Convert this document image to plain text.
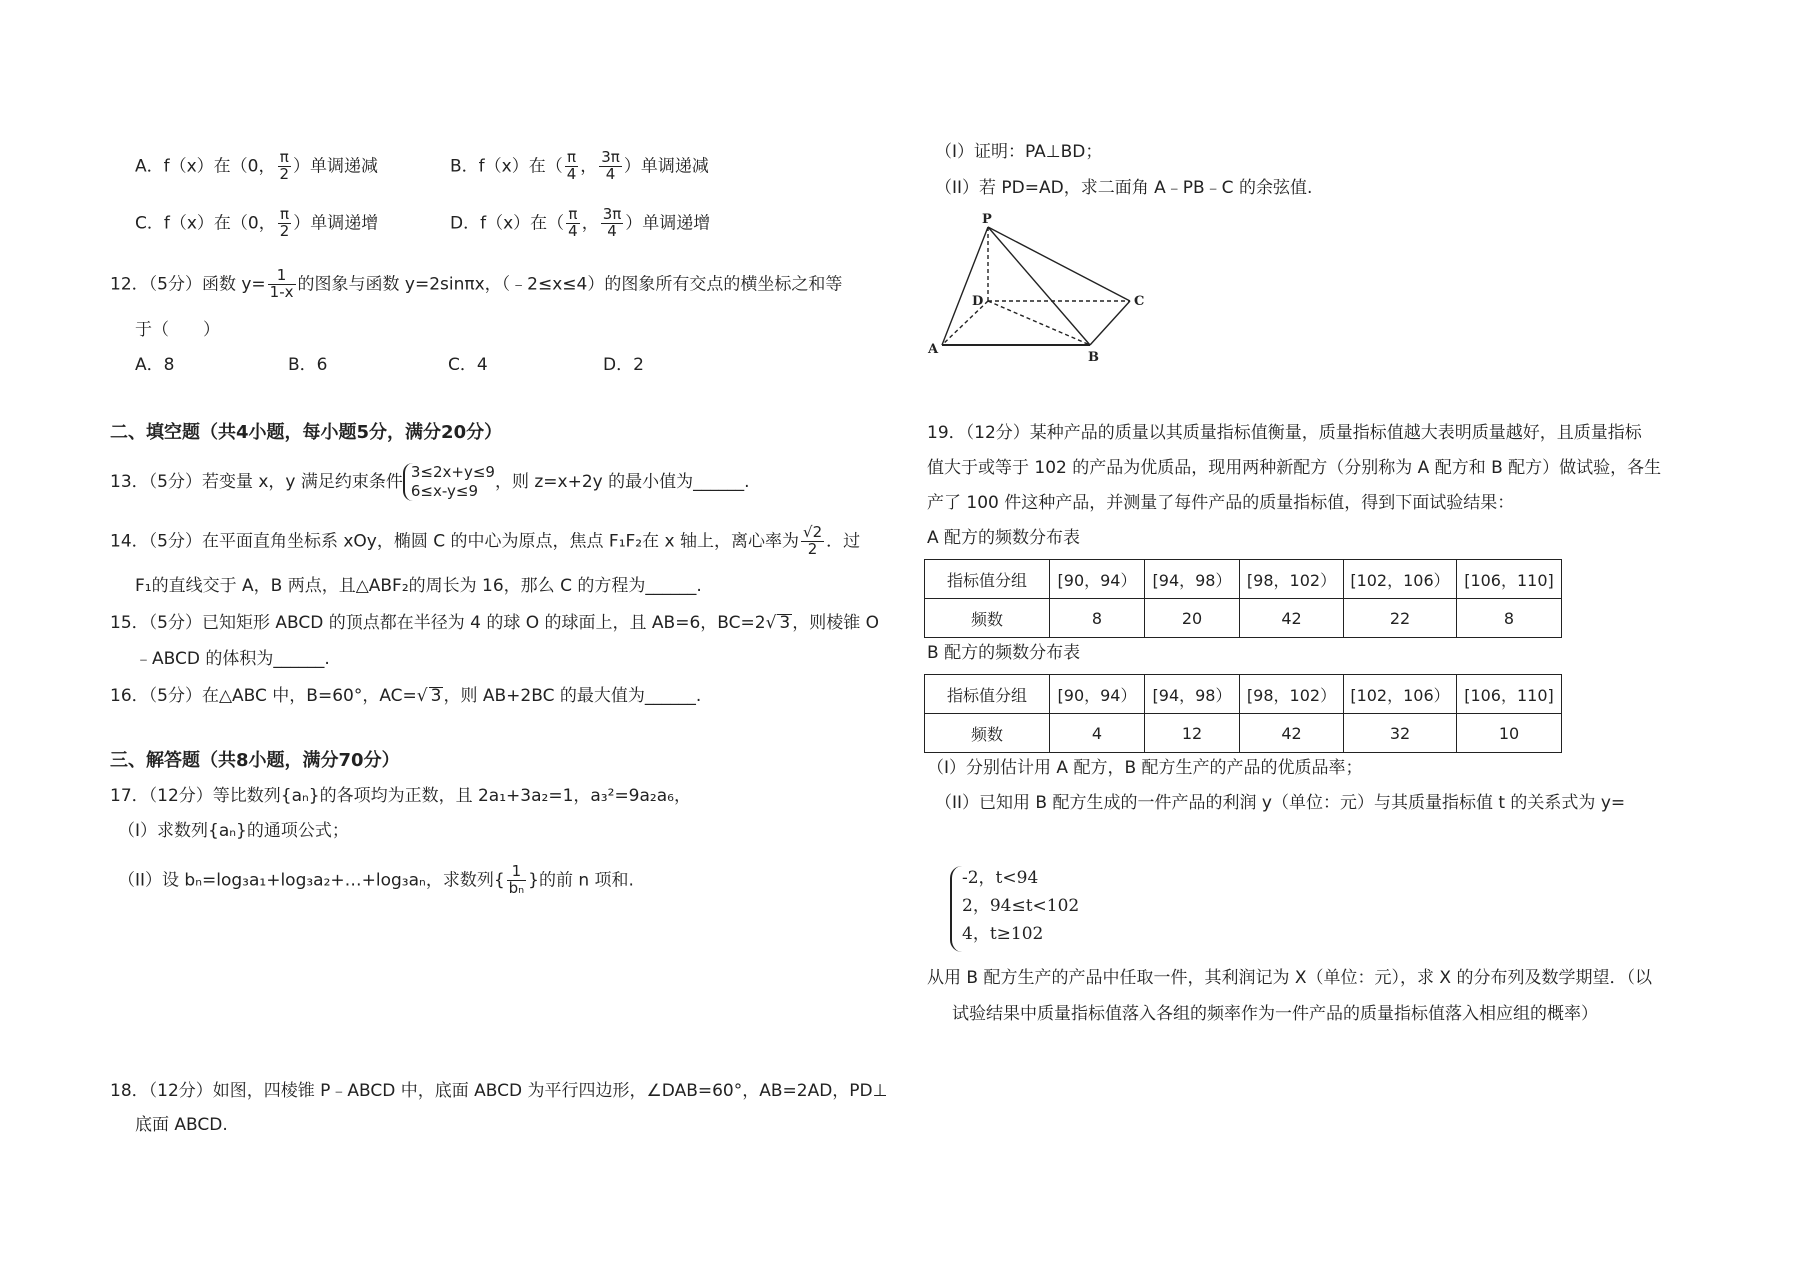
A．f（x）在（0， $\frac{\pi}{2}$ ）单调递减	B．f（x）在（ $\frac{\pi}{4}$ ， $\frac{3\pi}{4}$ ）单调递减
C．f（x）在（0， $\frac{\pi}{2}$ ）单调递增	D．f（x）在（ $\frac{\pi}{4}$ ， $\frac{3\pi}{4}$ ）单调递增
12．（5分）函数 $y= \frac{1}{1-x}$ 的图象与函数 y=2sinπx，（﹣2≤x≤4）的图象所有交点的横坐标之和等
于（　　）
A．8	B．6	C．4	D．2
二、填空题（共4小题，每小题5分，满分20分）
13．（5分）若变量 x，y 满足约束条件 3≤2x+y≤9
6≤x-y≤9 ，则 z=x+2y 的最小值为______.
14．（5分）在平面直角坐标系 xOy，椭圆 C 的中心为原点，焦点 F₁F₂在 x 轴上，离心率为 $\frac{√2}{2}$ ．过
F₁的直线交于 A，B 两点，且△ABF₂的周长为 16，那么 C 的方程为______.
15．（5分）已知矩形 ABCD 的顶点都在半径为 4 的球 O 的球面上，且 AB=6，BC=2√ 3 ，则棱锥 O
﹣ABCD 的体积为______.
16．（5分）在△ABC 中，B=60°，AC=√ 3 ，则 AB+2BC 的最大值为______.
三、解答题（共8小题，满分70分）
17．（12分）等比数列{aₙ}的各项均为正数，且 2a₁+3a₂=1，a₃²=9a₂a₆，
（I）求数列{aₙ}的通项公式；
（II）设 bₙ=log₃a₁+log₃a₂+…+log₃aₙ，求数列{ $\frac{1}{\text{bₙ}}$ }的前 n 项和.
18．（12分）如图，四棱锥 P﹣ABCD 中，底面 ABCD 为平行四边形，∠DAB=60°，AB=2AD，PD⊥
底面 ABCD.
（I）证明：PA⊥BD；
（II）若 PD=AD，求二面角 A﹣PB﹣C 的余弦值.
P
D	C
A
B
19．（12分）某种产品的质量以其质量指标值衡量，质量指标值越大表明质量越好，且质量指标
值大于或等于 102 的产品为优质品，现用两种新配方（分别称为 A 配方和 B 配方）做试验，各生
产了 100 件这种产品，并测量了每件产品的质量指标值，得到下面试验结果：
A 配方的频数分布表
指标值分组	[90，94）	[94，98）	[98，102）	[102，106）	[106，110]
频数	8	20	42	22	8
B 配方的频数分布表
指标值分组	[90，94）	[94，98）	[98，102）	[102，106）	[106，110]
频数	4	12	42	32	10
（Ⅰ）分别估计用 A 配方，B 配方生产的产品的优质品率；
（II）已知用 B 配方生成的一件产品的利润 y（单位：元）与其质量指标值 t 的关系式为 y=
-2，t<94
2，94≤t<102
4，t≥102
从用 B 配方生产的产品中任取一件，其利润记为 X（单位：元），求 X 的分布列及数学期望．（以
试验结果中质量指标值落入各组的频率作为一件产品的质量指标值落入相应组的概率）
